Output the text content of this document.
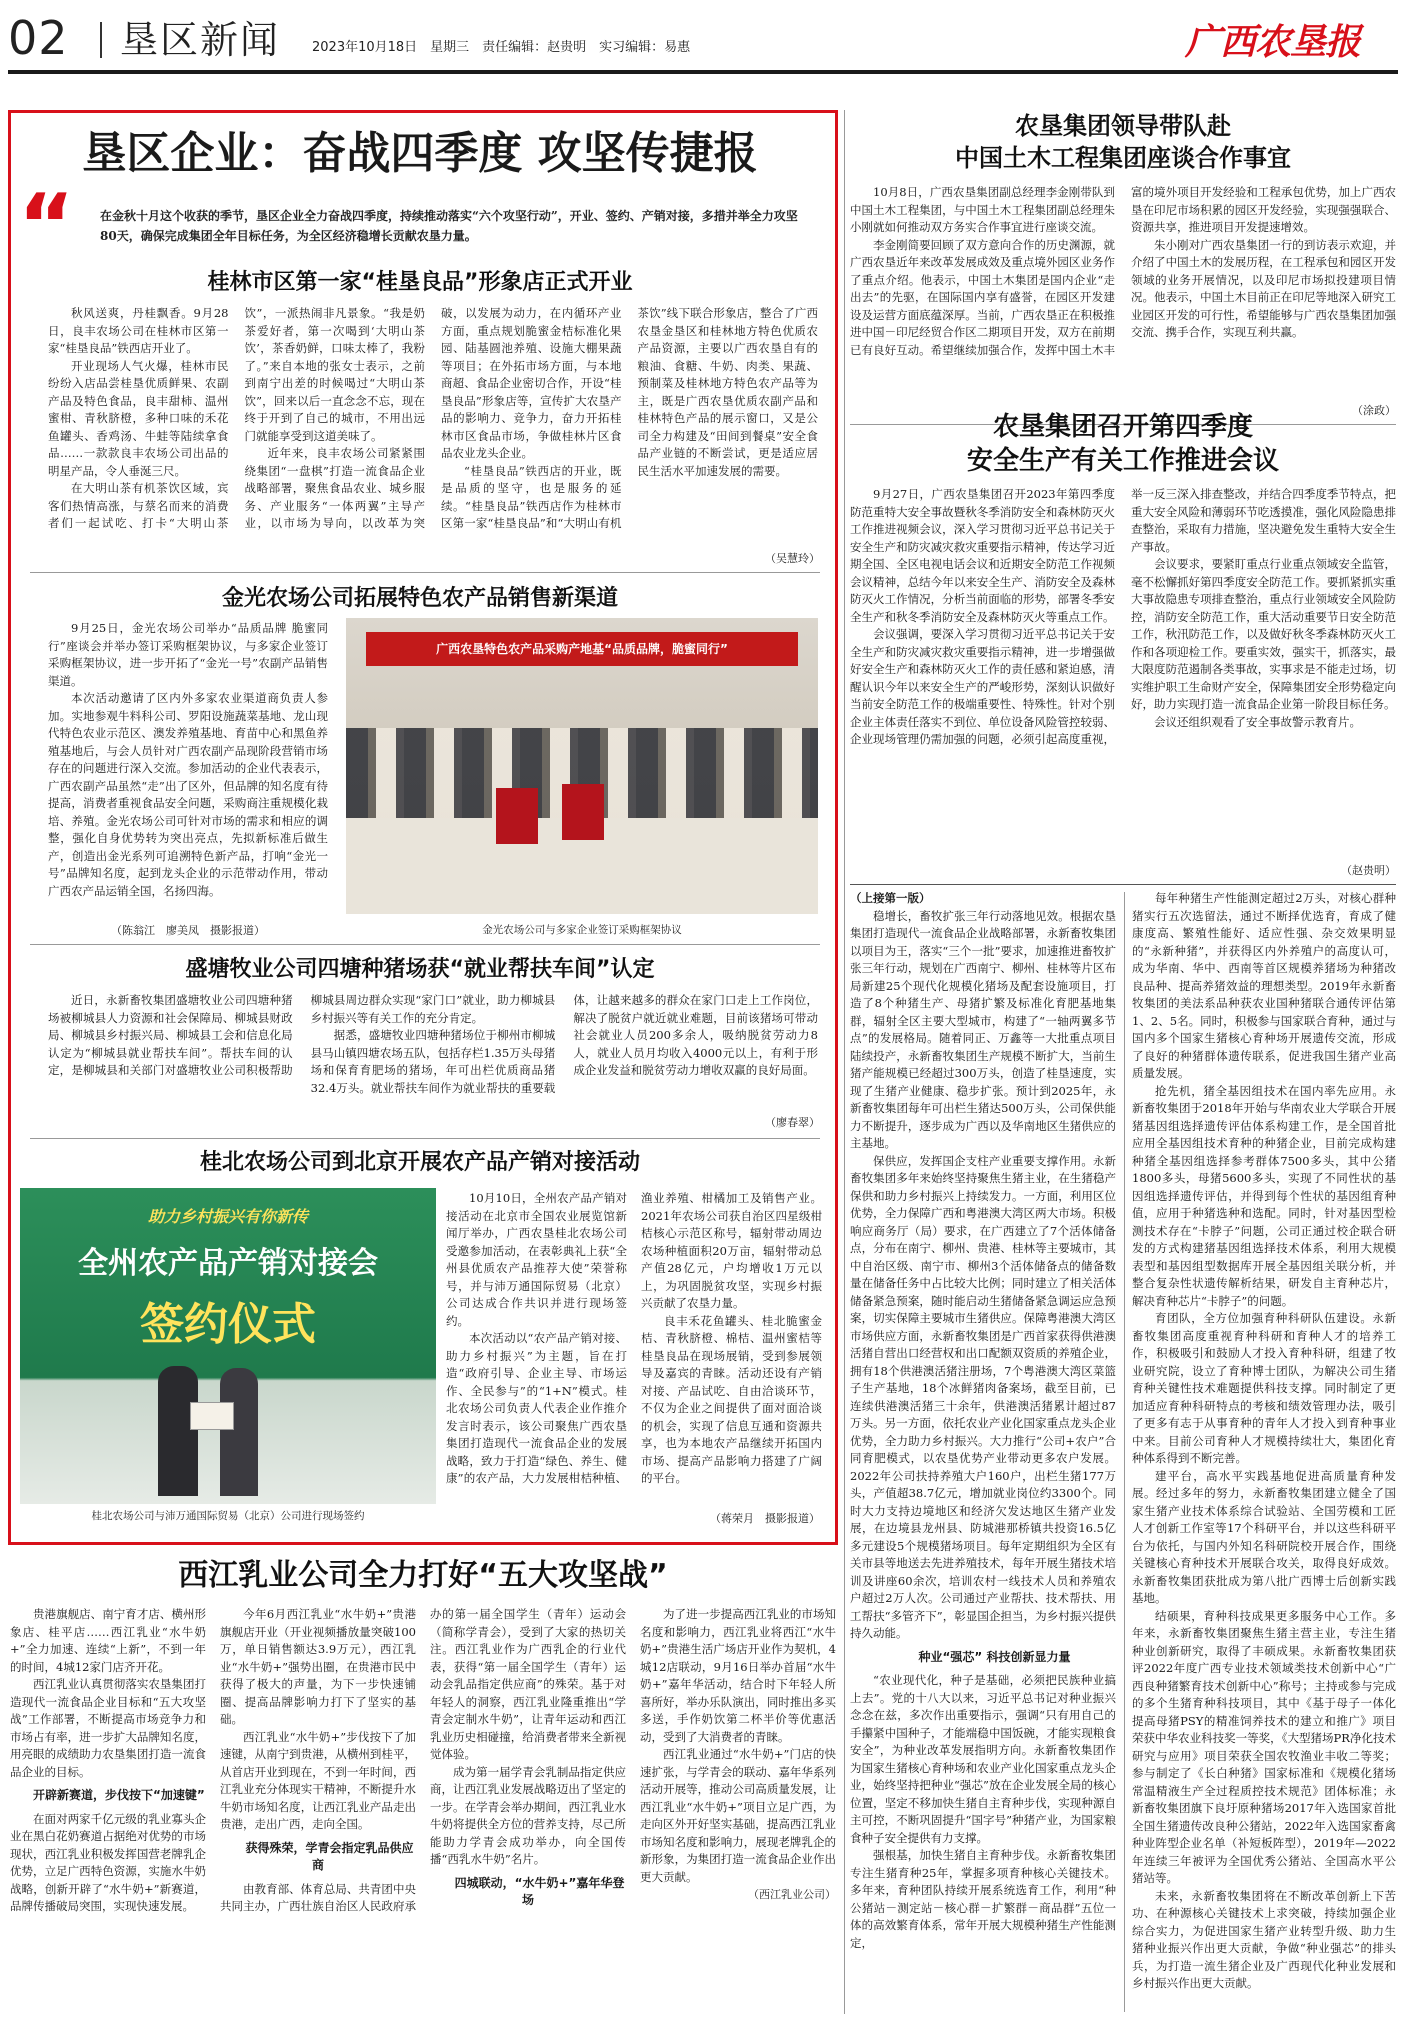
02 垦区新闻 2023年10月18日　星期三　责任编辑：赵贵明　实习编辑：易惠	广西农垦报
垦区企业：奋战四季度 攻坚传捷报
“ 在金秋十月这个收获的季节，垦区企业全力奋战四季度，持续推动落实“六个攻坚行动”，开业、签约、产销对接，多措并举全力攻坚80天，确保完成集团全年目标任务，为全区经济稳增长贡献农垦力量。
桂林市区第一家“桂垦良品”形象店正式开业

秋风送爽，丹桂飘香。9月28日，良丰农场公司在桂林市区第一家“桂垦良品”铁西店开业了。

开业现场人气火爆，桂林市民纷纷入店品尝桂垦优质鲜果、农副产品及特色食品，良丰甜柿、温州蜜柑、青秋脐橙，多种口味的禾花鱼罐头、香鸡汤、牛蛙等陆续拿食品……一款款良丰农场公司出品的明星产品，令人垂涎三尺。

在大明山茶有机茶饮区域，宾客们热情高涨，与蔡名而来的消费者们一起试吃、打卡“大明山茶饮”，一派热闹非凡景象。“我是奶茶爱好者，第一次喝到‘大明山茶饮’，茶香奶鲜，口味太棒了，我粉了。”来自本地的张女士表示，之前到南宁出差的时候喝过“大明山茶饮”，回来以后一直念念不忘，现在终于开到了自己的城市，不用出远门就能享受到这道美味了。

近年来，良丰农场公司紧紧围绕集团“一盘棋”打造一流食品企业战略部署，聚焦食品农业、城乡服务、产业服务“一体两翼”主导产业，以市场为导向，以改革为突破，以发展为动力，在内循环产业方面，重点规划脆蜜金桔标准化果园、陆基圆池养殖、设施大棚果蔬等项目；在外拓市场方面，与本地商超、食品企业密切合作，开设“桂垦良品”形象店等，宣传扩大农垦产品的影响力、竞争力，奋力开拓桂林市区食品市场，争做桂林片区食品农业龙头企业。

“桂垦良品”铁西店的开业，既是品质的坚守，也是服务的延续。“桂垦良品”铁西店作为桂林市区第一家“桂垦良品”和“大明山有机茶饮”线下联合形象店，整合了广西农垦金垦区和桂林地方特色优质农产品资源，主要以广西农垦自有的粮油、食糖、牛奶、肉类、果蔬、预制菜及桂林地方特色农产品等为主，既是广西农垦优质农副产品和桂林特色产品的展示窗口，又是公司全力构建及“田间到餐桌”安全食品产业链的不断尝试，更是适应居民生活水平加速发展的需要。

（吴慧玲）
金光农场公司拓展特色农产品销售新渠道

9月25日，金光农场公司举办“品质品牌 脆蜜同行”座谈会并举办签订采购框架协议，与多家企业签订采购框架协议，进一步开拓了“金光一号”农副产品销售渠道。

本次活动邀请了区内外多家农业渠道商负责人参加。实地参观牛料科公司、罗阳设施蔬菜基地、龙山现代特色农业示范区、澳发养殖基地、育苗中心和黑鱼养殖基地后，与会人员针对广西农副产品现阶段营销市场存在的问题进行深入交流。参加活动的企业代表表示，广西农副产品虽然“走”出了区外，但品牌的知名度有待提高，消费者重视食品安全问题，采购商注重规模化栽培、养殖。金光农场公司可针对市场的需求和相应的调整，强化自身优势转为突出亮点，先拟新标准后做生产，创造出金光系列可追溯特色新产品，打响“金光一号”品牌知名度，起到龙头企业的示范带动作用，带动广西农产品运销全国，名扬四海。

（陈翁江　廖美凤　摄影报道）
广西农垦特色农产品采购产地基“品质品牌，脆蜜同行”
金光农场公司与多家企业签订采购框架协议
盛塘牧业公司四塘种猪场获“就业帮扶车间”认定

近日，永新畜牧集团盛塘牧业公司四塘种猪场被柳城县人力资源和社会保障局、柳城县财政局、柳城县乡村振兴局、柳城县工会和信息化局认定为“柳城县就业帮扶车间”。帮扶车间的认定，是柳城县和关部门对盛塘牧业公司积极帮助柳城县周边群众实现“家门口”就业，助力柳城县乡村振兴等有关工作的充分肯定。

据悉，盛塘牧业四塘种猪场位于柳州市柳城县马山镇四塘农场五队，包括存栏1.35万头母猪场和保育育肥场的猪场，年可出栏优质商品猪32.4万头。就业帮扶车间作为就业帮扶的重要载体，让越来越多的群众在家门口走上工作岗位，解决了脱贫户就近就业难题，目前该猪场可带动社会就业人员200多余人，吸纳脱贫劳动力8人，就业人员月均收入4000元以上，有利于形成企业发益和脱贫劳动力增收双赢的良好局面。

（廖春翠）
桂北农场公司到北京开展农产品产销对接活动
助力乡村振兴有你新传
全州农产品产销对接会
签约仪式
桂北农场公司与沛万通国际贸易（北京）公司进行现场签约

10月10日，全州农产品产销对接活动在北京市全国农业展览馆新闻厅举办，广西农垦桂北农场公司受邀参加活动，在表彰典礼上获“全州县优质农产品推荐大使”荣誉称号，并与沛万通国际贸易（北京）公司达成合作共识并进行现场签约。

本次活动以“农产品产销对接、助力乡村振兴”为主题，旨在打造“政府引导、企业主导、市场运作、全民参与”的“1+N”模式。桂北农场公司负责人代表企业作推介发言时表示，该公司聚焦广西农垦集团打造现代一流食品企业的发展战略，致力于打造“绿色、养生、健康”的农产品，大力发展柑桔种植、渔业养殖、柑橘加工及销售产业。2021年农场公司获自治区四星级柑桔核心示范区称号，辐射带动周边农场种植面积20万亩，辐射带动总产值28亿元，户均增收1万元以上，为巩固脱贫攻坚，实现乡村振兴贡献了农垦力量。

良丰禾花鱼罐头、桂北脆蜜金桔、青秋脐橙、棉桔、温州蜜桔等桂垦良品在现场展销，受到参展领导及嘉宾的青睐。活动还设有产销对接、产品试吃、自由洽谈环节，不仅为企业之间提供了面对面洽谈的机会，实现了信息互通和资源共享，也为本地农产品继续开拓国内市场、提高产品影响力搭建了广阔的平台。

（蒋荣月　摄影报道）
农垦集团领导带队赴
中国土木工程集团座谈合作事宜

10月8日，广西农垦集团副总经理李金刚带队到中国土木工程集团，与中国土木工程集团副总经理朱小刚就如何推动双方务实合作事宜进行座谈交流。

李金刚简要回顾了双方意向合作的历史渊源，就广西农垦近年来改革发展成效及重点境外园区业务作了重点介绍。他表示，中国土木集团是国内企业“走出去”的先驱，在国际国内享有盛誉，在园区开发建设及运营方面底蕴深厚。当前，广西农垦正在积极推进中国－印尼经贸合作区二期项目开发，双方在前期已有良好互动。希望继续加强合作，发挥中国土木丰富的境外项目开发经验和工程承包优势，加上广西农垦在印尼市场积累的园区开发经验，实现强强联合、资源共享，推进项目开发提速增效。

朱小刚对广西农垦集团一行的到访表示欢迎，并介绍了中国土木的发展历程，在工程承包和园区开发领域的业务开展情况，以及印尼市场拟投建项目情况。他表示，中国土木目前正在印尼等地深入研究工业园区开发的可行性，希望能够与广西农垦集团加强交流、携手合作，实现互利共赢。

（涂政）
农垦集团召开第四季度
安全生产有关工作推进会议

9月27日，广西农垦集团召开2023年第四季度防范重特大安全事故暨秋冬季消防安全和森林防灭火工作推进视频会议，深入学习贯彻习近平总书记关于安全生产和防灾减灾救灾重要指示精神，传达学习近期全国、全区电视电话会议和近期安全防范工作视频会议精神，总结今年以来安全生产、消防安全及森林防灭火工作情况，分析当前面临的形势，部署冬季安全生产和秋冬季消防安全及森林防灭火等重点工作。

会议强调，要深入学习贯彻习近平总书记关于安全生产和防灾减灾救灾重要指示精神，进一步增强做好安全生产和森林防灭火工作的责任感和紧迫感，清醒认识今年以来安全生产的严峻形势，深刻认识做好当前安全防范工作的极端重要性、特殊性。针对个别企业主体责任落实不到位、单位设备风险管控较弱、企业现场管理仍需加强的问题，必须引起高度重视，举一反三深入排查整改，并结合四季度季节特点，把重大安全风险和薄弱环节吃透摸准，强化风险隐患排查整治，采取有力措施，坚决避免发生重特大安全生产事故。

会议要求，要紧盯重点行业重点领域安全监管，毫不松懈抓好第四季度安全防范工作。要抓紧抓实重大事故隐患专项排查整治，重点行业领域安全风险防控，消防安全防范工作，重大活动重要节日安全防范工作，秋汛防范工作，以及做好秋冬季森林防灭火工作和各项迎检工作。要重实效，强实干，抓落实，最大限度防范遏制各类事故，实事求是不能走过场，切实维护职工生命财产安全，保障集团安全形势稳定向好，助力实现打造一流食品企业第一阶段目标任务。

会议还组织观看了安全事故警示教育片。

（赵贵明）

（上接第一版）

稳增长，畜牧扩张三年行动落地见效。根据农垦集团打造现代一流食品企业战略部署，永新畜牧集团以项目为王，落实“三个一批”要求，加速推进畜牧扩张三年行动，规划在广西南宁、柳州、桂林等片区布局新建25个现代化规模化猪场及配套设施项目，打造了8个种猪生产、母猪扩繁及标准化育肥基地集群，辐射全区主要大型城市，构建了“一轴两翼多节点”的发展格局。随着同正、万鑫等一大批重点项目陆续投产，永新畜牧集团生产规模不断扩大，当前生猪产能规模已经超过300万头，创造了桂垦速度，实现了生猪产业健康、稳步扩张。预计到2025年，永新畜牧集团每年可出栏生猪达500万头，公司保供能力不断提升，逐步成为广西以及华南地区生猪供应的主基地。

保供应，发挥国企支柱产业重要支撑作用。永新畜牧集团多年来始终坚持聚焦生猪主业，在生猪稳产保供和助力乡村振兴上持续发力。一方面，利用区位优势，全力保障广西和粤港澳大湾区两大市场。积极响应商务厅（局）要求，在广西建立了7个活体储备点，分布在南宁、柳州、贵港、桂林等主要城市，其中自治区级、南宁市、柳州3个活体储备点的储备数量在储备任务中占比较大比例；同时建立了相关活体储备紧急预案，随时能启动生猪储备紧急调运应急预案，切实保障主要城市生猪供应。保障粤港澳大湾区市场供应方面，永新畜牧集团是广西首家获得供港澳活猪自营出口经营权和出口配额双资质的养殖企业，拥有18个供港澳活猪注册场，7个粤港澳大湾区菜篮子生产基地，18个冰鲜猪肉备案场，截至目前，已连续供港澳活猪三十余年，供港澳活猪累计超过87万头。另一方面，依托农业产业化国家重点龙头企业优势，全力助力乡村振兴。大力推行“公司+农户”合同育肥模式，以农垦优势产业带动更多农户发展。2022年公司扶持养殖大户160户，出栏生猪177万头，产值超38.7亿元，增加就业岗位约3300个。同时大力支持边境地区和经济欠发达地区生猪产业发展，在边境县龙州县、防城港那桥镇共投资16.5亿多元建设5个规模猪场项目。每年定期组织为全区有关市县等地送去先进养殖技术，每年开展生猪技术培训及讲座60余次，培训农村一线技术人员和养殖农户超过2万人次。公司通过产业帮扶、技术帮扶、用工帮扶“多管齐下”，彰显国企担当，为乡村振兴提供持久动能。

种业“强芯” 科技创新显力量

“农业现代化，种子是基础，必须把民族种业搞上去”。党的十八大以来，习近平总书记对种业振兴念念在兹，多次作出重要指示，强调“只有用自己的手攥紧中国种子，才能端稳中国饭碗，才能实现粮食安全”，为种业改革发展指明方向。永新畜牧集团作为国家生猪核心育种场和农业产业化国家重点龙头企业，始终坚持把种业“强芯”放在企业发展全局的核心位置，坚定不移加快生猪自主育种步伐，实现种源自主可控，不断巩固提升“国字号”种猪产业，为国家粮食种子安全提供有力支撑。

强根基，加快生猪自主育种步伐。永新畜牧集团专注生猪育种25年，掌握多项育种核心关键技术。多年来，育种团队持续开展系统选育工作，利用“种公猪站－测定站－核心群－扩繁群－商品群”五位一体的高效繁育体系，常年开展大规模种猪生产性能测定，

每年种猪生产性能测定超过2万头，对核心群种猪实行五次选留法，通过不断择优选育，育成了健康度高、繁殖性能好、适应性强、杂交效果明显的“永新种猪”，并获得区内外养殖户的高度认可，成为华南、华中、西南等首区规模养猪场为种猪改良品种、提高养猪效益的理想类型。2019年永新畜牧集团的美法系品种获农业国种猪联合通传评估第1、2、5名。同时，积极参与国家联合育种，通过与国内多个国家生猪核心育种场开展遗传交流，形成了良好的种猪群体遗传联系，促进我国生猪产业高质量发展。

抢先机，猪全基因组技术在国内率先应用。永新畜牧集团于2018年开始与华南农业大学联合开展猪基因组选择遗传评估体系构建工作，是全国首批应用全基因组技术育种的种猪企业，目前完成构建种猪全基因组选择参考群体7500多头，其中公猪1800多头，母猪5600多头，实现了不同性状的基因组选择遗传评估，并得到每个性状的基因组育种值，应用于种猪选种和选配。同时，针对基因型检测技术存在“卡脖子”问题，公司正通过校企联合研发的方式构建猪基因组选择技术体系，利用大规模表型和基因组型数据库开展全基因组关联分析，并整合复杂性状遗传解析结果，研发自主育种芯片，解决育种芯片“卡脖子”的问题。

育团队，全方位加强育种科研队伍建设。永新畜牧集团高度重视育种科研和育种人才的培养工作，积极吸引和鼓励人才投入育种科研，组建了牧业研究院，设立了育种博士团队，为解决公司生猪育种关键性技术难题提供科技支撑。同时制定了更加适应育种科研特点的考核和绩效管理办法，吸引了更多有志于从事育种的青年人才投入到育种事业中来。目前公司育种人才规模持续壮大，集团化育种体系得到不断完善。

建平台，高水平实践基地促进高质量育种发展。经过多年的努力，永新畜牧集团建立健全了国家生猪产业技术体系综合试验站、全国劳模和工匠人才创新工作室等17个科研平台，并以这些科研平台为依托，与国内外知名科研院校开展合作，围绕关键核心育种技术开展联合攻关，取得良好成效。永新畜牧集团获批成为第八批广西博士后创新实践基地。

结硕果，育种科技成果更多服务中心工作。多年来，永新畜牧集团聚焦生猪主营主业，专注生猪种业创新研究，取得了丰硕成果。永新畜牧集团获评2022年度广西专业技术领域类技术创新中心“广西良种猪繁育技术创新中心”称号；主持或参与完成的多个生猪育种科技项目，其中《基于母子一体化提高母猪PSY的精准饲养技术的建立和推广》项目荣获中华农业科技奖一等奖，《大型猪场PR净化技术研究与应用》项目荣获全国农牧渔业丰收二等奖；参与制定了《长白种猪》国家标准和《规模化猪场常温精液生产全过程质控技术规范》团体标准；永新畜牧集团旗下良圩原种猪场2017年入选国家首批全国生猪遗传改良种公猪站，2022年入选国家畜禽种业阵型企业名单（补短板阵型），2019年—2022年连续三年被评为全国优秀公猪站、全国高水平公猪站等。

未来，永新畜牧集团将在不断改革创新上下苦功、在种源核心关键技术上求突破，持续加强企业综合实力，为促进国家生猪产业转型升级、助力生猪种业振兴作出更大贡献，争做“种业强芯”的排头兵，为打造一流生猪企业及广西现代化种业发展和乡村振兴作出更大贡献。

西江乳业公司全力打好“五大攻坚战”

贵港旗舰店、南宁育才店、横州形象店、桂平店……西江乳业“水牛奶+”全力加速、连续“上新”，不到一年的时间，4城12家门店齐开花。

西江乳业认真贯彻落实农垦集团打造现代一流食品企业目标和“五大攻坚战”工作部署，不断提高市场竞争力和市场占有率，进一步扩大品牌知名度，用亮眼的成绩助力农垦集团打造一流食品企业的目标。

开辟新赛道，步伐按下“加速键”

在面对两家千亿元级的乳业寡头企业在黑白花奶赛道占据绝对优势的市场现状，西江乳业积极发挥国营老牌乳企优势，立足广西特色资源，实施水牛奶战略，创新开辟了“水牛奶+”新赛道，品牌传播破局突围，实现快速发展。

今年6月西江乳业“水牛奶+”贵港旗舰店开业（开业视频播放量突破100万，单日销售额达3.9万元），西江乳业“水牛奶+”强势出圈，在贵港市民中获得了极大的声量，为下一步快速铺圈、提高品牌影响力打下了坚实的基础。

西江乳业“水牛奶+”步伐按下了加速键，从南宁到贵港，从横州到桂平，从首店开业到现在，不到一年时间，西江乳业充分体现实干精神，不断提升水牛奶市场知名度，让西江乳业产品走出贵港，走出广西，走向全国。

获得殊荣，学青会指定乳品供应商

由教育部、体育总局、共青团中央共同主办，广西壮族自治区人民政府承办的第一届全国学生（青年）运动会（简称学青会），受到了大家的热切关注。西江乳业作为广西乳企的行业代表，获得“第一届全国学生（青年）运动会乳品指定供应商”的殊荣。基于对年轻人的洞察，西江乳业隆重推出“学青会定制水牛奶”，让青年运动和西江乳业历史相碰撞，给消费者带来全新视觉体验。

成为第一届学青会乳制品指定供应商，让西江乳业发展战略迈出了坚定的一步。在学青会举办期间，西江乳业水牛奶将提供全方位的营养支持，尽己所能助力学青会成功举办，向全国传播“西乳水牛奶”名片。

四城联动，“水牛奶+”嘉年华登场

为了进一步提高西江乳业的市场知名度和影响力，西江乳业将西江“水牛奶+”贵港生活广场店开业作为契机，4城12店联动，9月16日举办首届“水牛奶+”嘉年华活动，结合时下年轻人所喜所好，举办乐队演出，同时推出多买多送，手作奶饮第二杯半价等优惠活动，受到了大消费者的青睐。

西江乳业通过“水牛奶+”门店的快速扩张，与学青会的联动、嘉年华系列活动开展等，推动公司高质量发展，让西江乳业“水牛奶+”项目立足广西，为走向区外开好坚实基础，提高西江乳业市场知名度和影响力，展现老牌乳企的新形象，为集团打造一流食品企业作出更大贡献。

（西江乳业公司）
